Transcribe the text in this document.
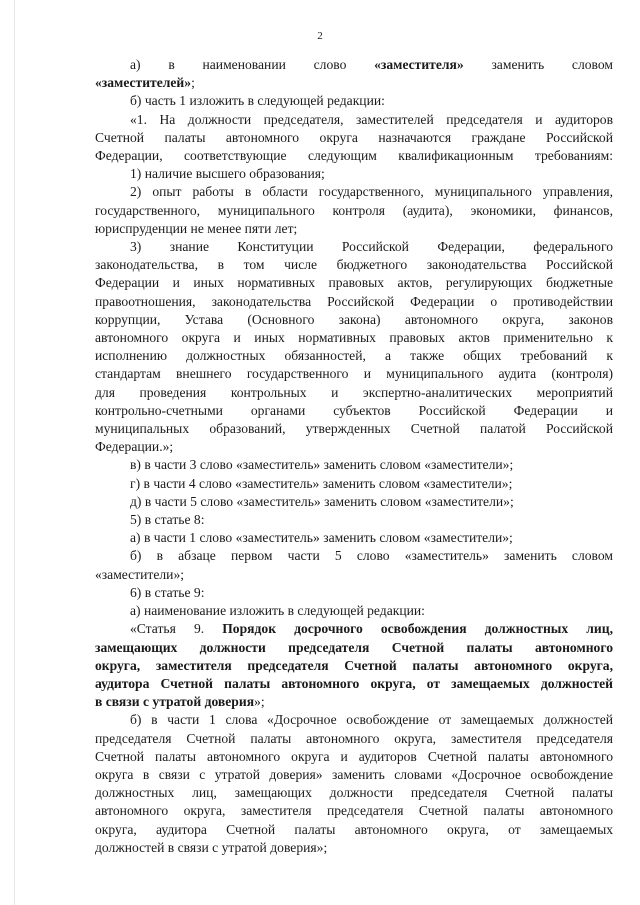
2

а) в наименовании слово «заместителя» заменить словом

«заместителей»;

б) часть 1 изложить в следующей редакции:

«1. На должности председателя, заместителей председателя и аудиторов

Счетной палаты автономного округа назначаются граждане Российской

Федерации, соответствующие следующим квалификационным требованиям:

1) наличие высшего образования;

2) опыт работы в области государственного, муниципального управления,

государственного, муниципального контроля (аудита), экономики, финансов,

юриспруденции не менее пяти лет;

3) знание Конституции Российской Федерации, федерального

законодательства, в том числе бюджетного законодательства Российской

Федерации и иных нормативных правовых актов, регулирующих бюджетные

правоотношения, законодательства Российской Федерации о противодействии

коррупции, Устава (Основного закона) автономного округа, законов

автономного округа и иных нормативных правовых актов применительно к

исполнению должностных обязанностей, а также общих требований к

стандартам внешнего государственного и муниципального аудита (контроля)

для проведения контрольных и экспертно-аналитических мероприятий

контрольно-счетными органами субъектов Российской Федерации и

муниципальных образований, утвержденных Счетной палатой Российской

Федерации.»;

в) в части 3 слово «заместитель» заменить словом «заместители»;

г) в части 4 слово «заместитель» заменить словом «заместители»;

д) в части 5 слово «заместитель» заменить словом «заместители»;

5) в статье 8:

а) в части 1 слово «заместитель» заменить словом «заместители»;

б) в абзаце первом части 5 слово «заместитель» заменить словом

«заместители»;

6) в статье 9:

а) наименование изложить в следующей редакции:

«Статья 9. Порядок досрочного освобождения должностных лиц,

замещающих должности председателя Счетной палаты автономного

округа, заместителя председателя Счетной палаты автономного округа,

аудитора Счетной палаты автономного округа, от замещаемых должностей

в связи с утратой доверия»;

б) в части 1 слова «Досрочное освобождение от замещаемых должностей

председателя Счетной палаты автономного округа, заместителя председателя

Счетной палаты автономного округа и аудиторов Счетной палаты автономного

округа в связи с утратой доверия» заменить словами «Досрочное освобождение

должностных лиц, замещающих должности председателя Счетной палаты

автономного округа, заместителя председателя Счетной палаты автономного

округа, аудитора Счетной палаты автономного округа, от замещаемых

должностей в связи с утратой доверия»;
